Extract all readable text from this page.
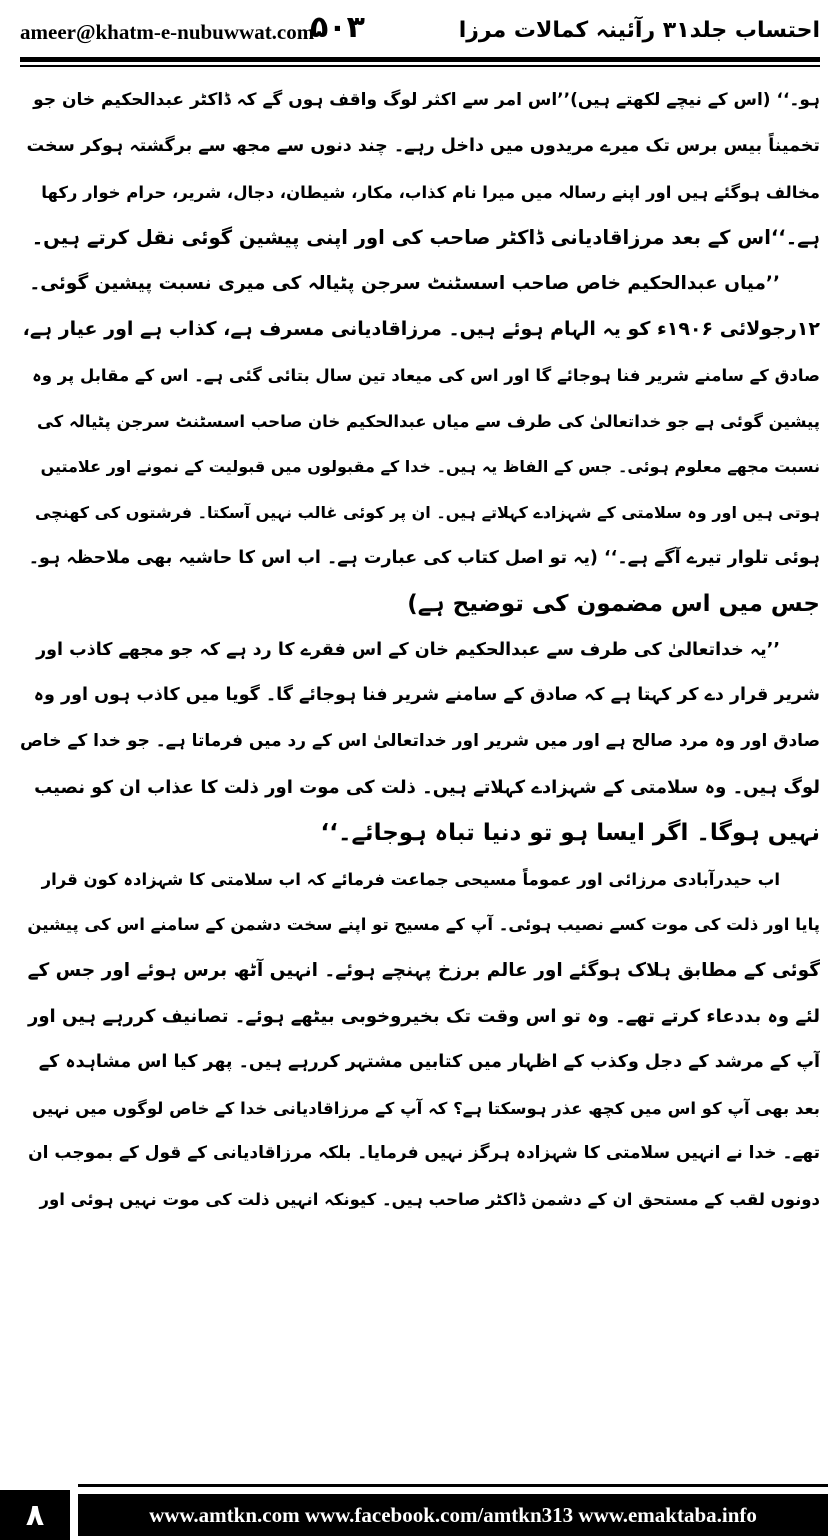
ameer@khatm-e-nubuwwat.com
۵۰۳	احتساب جلد۳۱ رآئینہ کمالات مرزا
ہو۔‘‘ (اس کے نیچے لکھتے ہیں)’’اس امر سے اکثر لوگ واقف ہوں گے کہ ڈاکٹر عبدالحکیم خان جو
تخمیناً بیس برس تک میرے مریدوں میں داخل رہے۔ چند دنوں سے مجھ سے برگشتہ ہوکر سخت
مخالف ہوگئے ہیں اور اپنے رسالہ میں میرا نام کذاب، مکار، شیطان، دجال، شریر، حرام خوار رکھا
ہے۔‘‘اس کے بعد مرزاقادیانی ڈاکٹر صاحب کی اور اپنی پیشین گوئی نقل کرتے ہیں۔
’’میاں عبدالحکیم خاص صاحب اسسٹنٹ سرجن پٹیالہ کی میری نسبت پیشین گوئی۔
۱۲رجولائی ۱۹۰۶ء کو یہ الہام ہوئے ہیں۔ مرزاقادیانی مسرف ہے، کذاب ہے اور عیار ہے،
صادق کے سامنے شریر فنا ہوجائے گا اور اس کی میعاد تین سال بتائی گئی ہے۔ اس کے مقابل پر وہ
پیشین گوئی ہے جو خداتعالیٰ کی طرف سے میاں عبدالحکیم خان صاحب اسسٹنٹ سرجن پٹیالہ کی
نسبت مجھے معلوم ہوئی۔ جس کے الفاظ یہ ہیں۔ خدا کے مقبولوں میں قبولیت کے نمونے اور علامتیں
ہوتی ہیں اور وہ سلامتی کے شہزادے کہلاتے ہیں۔ ان پر کوئی غالب نہیں آسکتا۔ فرشتوں کی کھنچی
ہوئی تلوار تیرے آگے ہے۔‘‘ (یہ تو اصل کتاب کی عبارت ہے۔ اب اس کا حاشیہ بھی ملاحظہ ہو۔
جس میں اس مضمون کی توضیح ہے)
’’یہ خداتعالیٰ کی طرف سے عبدالحکیم خان کے اس فقرے کا رد ہے کہ جو مجھے کاذب اور
شریر قرار دے کر کہتا ہے کہ صادق کے سامنے شریر فنا ہوجائے گا۔ گویا میں کاذب ہوں اور وہ
صادق اور وہ مرد صالح ہے اور میں شریر اور خداتعالیٰ اس کے رد میں فرماتا ہے۔ جو خدا کے خاص
لوگ ہیں۔ وہ سلامتی کے شہزادے کہلاتے ہیں۔ ذلت کی موت اور ذلت کا عذاب ان کو نصیب
نہیں ہوگا۔ اگر ایسا ہو تو دنیا تباہ ہوجائے۔‘‘
اب حیدرآبادی مرزائی اور عموماً مسیحی جماعت فرمائے کہ اب سلامتی کا شہزادہ کون قرار
پایا اور ذلت کی موت کسے نصیب ہوئی۔ آپ کے مسیح تو اپنے سخت دشمن کے سامنے اس کی پیشین
گوئی کے مطابق ہلاک ہوگئے اور عالم برزخ پہنچے ہوئے۔ انہیں آٹھ برس ہوئے اور جس کے
لئے وہ بددعاء کرتے تھے۔ وہ تو اس وقت تک بخیروخوبی بیٹھے ہوئے۔ تصانیف کررہے ہیں اور
آپ کے مرشد کے دجل وکذب کے اظہار میں کتابیں مشتہر کررہے ہیں۔ پھر کیا اس مشاہدہ کے
بعد بھی آپ کو اس میں کچھ عذر ہوسکتا ہے؟ کہ آپ کے مرزاقادیانی خدا کے خاص لوگوں میں نہیں
تھے۔ خدا نے انہیں سلامتی کا شہزادہ ہرگز نہیں فرمایا۔ بلکہ مرزاقادیانی کے قول کے بموجب ان
دونوں لقب کے مستحق ان کے دشمن ڈاکٹر صاحب ہیں۔ کیونکہ انہیں ذلت کی موت نہیں ہوئی اور
۸	www.amtkn.com www.facebook.com/amtkn313 www.emaktaba.info
